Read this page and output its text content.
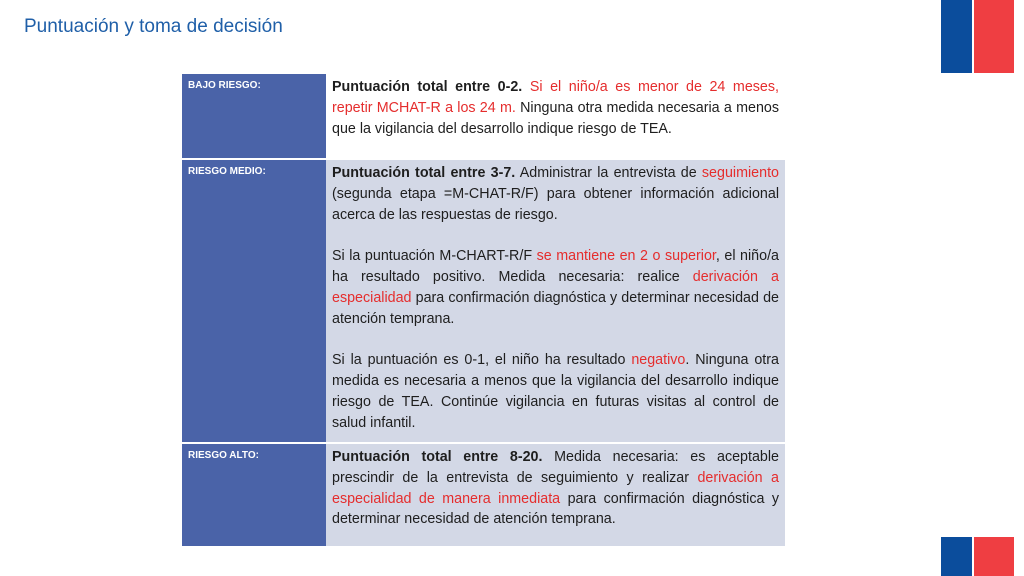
Puntuación y toma de decisión
BAJO RIESGO:	Puntuación total entre 0-2. Si el niño/a es menor de 24 meses, repetir MCHAT-R a los 24 m. Ninguna otra medida necesaria a menos que la vigilancia del desarrollo indique riesgo de TEA.

RIESGO MEDIO:	Puntuación total entre 3-7. Administrar la entrevista de seguimiento (segunda etapa =M-CHAT-R/F) para obtener información adicional acerca de las respuestas de riesgo.

Si la puntuación M-CHART-R/F se mantiene en 2 o superior, el niño/a ha resultado positivo. Medida necesaria: realice derivación a especialidad para confirmación diagnóstica y determinar necesidad de atención temprana.

Si la puntuación es 0-1, el niño ha resultado negativo. Ninguna otra medida es necesaria a menos que la vigilancia del desarrollo indique riesgo de TEA. Continúe vigilancia en futuras visitas al control de salud infantil.

RIESGO ALTO:	Puntuación total entre 8-20. Medida necesaria: es aceptable prescindir de la entrevista de seguimiento y realizar derivación a especialidad de manera inmediata para confirmación diagnóstica y determinar necesidad de atención temprana.
